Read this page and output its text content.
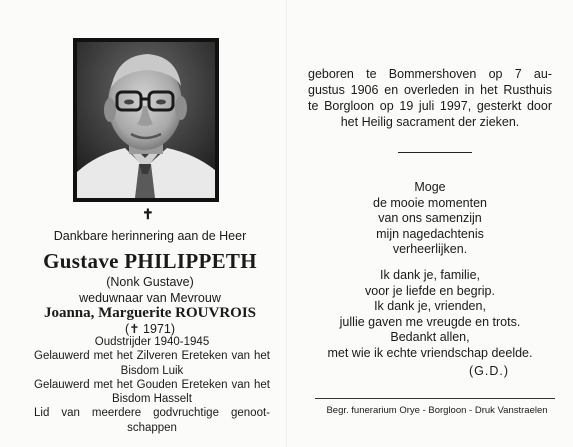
✝
Dankbare herinnering aan de Heer
Gustave PHILIPPETH
(Nonk Gustave)
weduwnaar van Mevrouw
Joanna, Marguerite ROUVROIS
(✝ 1971)
Oudstrijder 1940-1945
Gelauwerd met het Zilveren Ereteken van het
Bisdom Luik
Gelauwerd met het Gouden Ereteken van het
Bisdom Hasselt
Lid van meerdere godvruchtige genoot-
schappen
geboren te Bommershoven op 7 au-
gustus 1906 en overleden in het Rusthuis
te Borgloon op 19 juli 1997, gesterkt door
het Heilig sacrament der zieken.
Moge
de mooie momenten
van ons samenzijn
mijn nagedachtenis
verheerlijken.
Ik dank je, familie,
voor je liefde en begrip.
Ik dank je, vrienden,
jullie gaven me vreugde en trots.
Bedankt allen,
met wie ik echte vriendschap deelde.
(G.D.)
Begr. funerarium Orye - Borgloon - Druk Vanstraelen
